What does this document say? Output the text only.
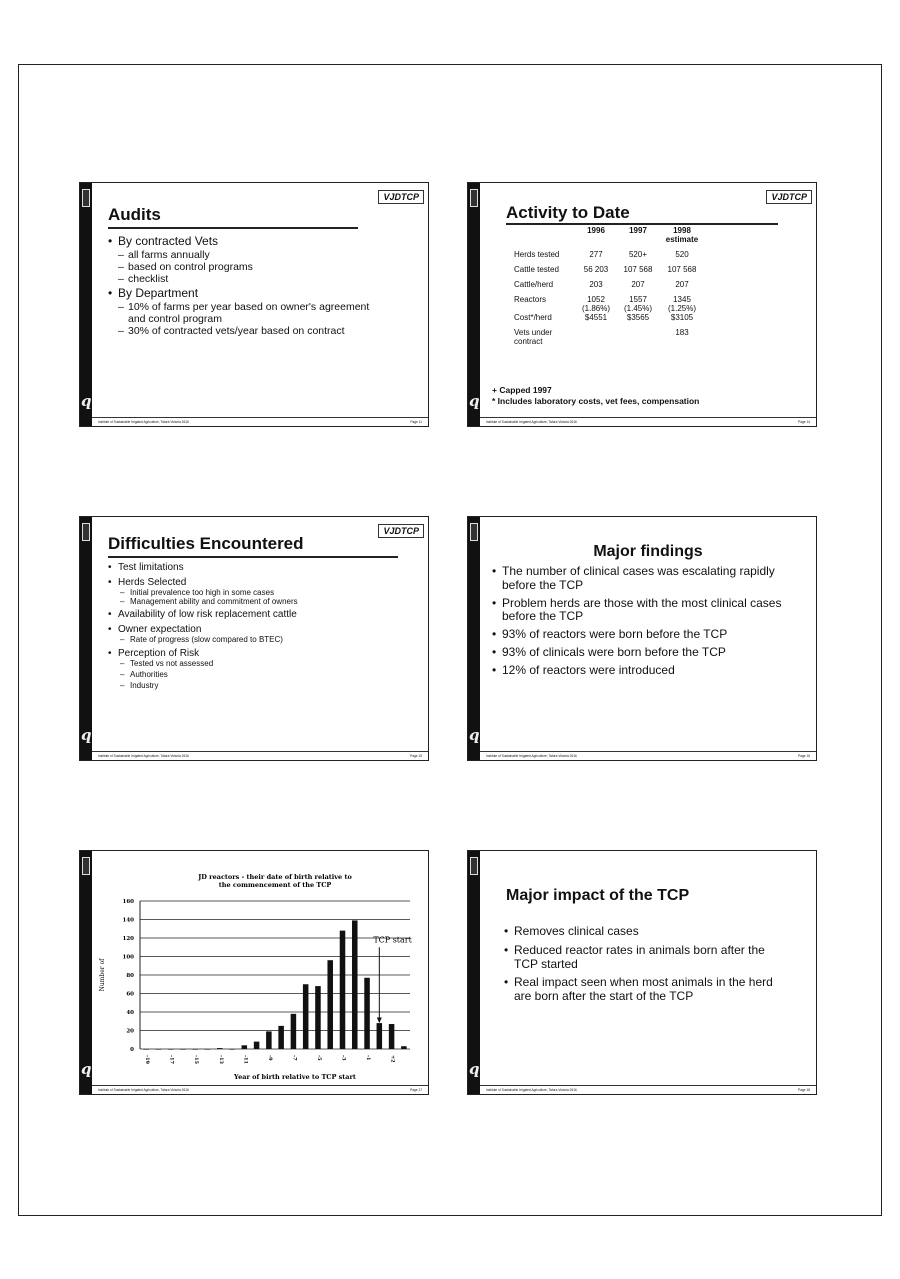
q
VJDTCP
Audits
• By contracted Vets
– all farms annually
– based on control programs
– checklist
• By Department
– 10% of farms per year based on owner's agreement and control program
– 30% of contracted vets/year based on contract
Institute of Sustainable Irrigated Agriculture, Tatura Victoria 2616	Page 11
q
VJDTCP
Activity to Date
	1996	1997	1998 estimate
Herds tested	277	520+	520
Cattle tested	56 203	107 568	107 568
Cattle/herd	203	207	207
Reactors	1052 (1.86%)	1557 (1.45%)	1345 (1.25%)
Cost*/herd	$4551	$3565	$3105
Vets under contract			183
+ Capped 1997
* Includes laboratory costs, vet fees, compensation
Institute of Sustainable Irrigated Agriculture, Tatura Victoria 2616	Page 14
q
VJDTCP
Difficulties Encountered
• Test limitations
• Herds Selected
– Initial prevalence too high in some cases
– Management ability and commitment of owners
• Availability of low risk replacement cattle
• Owner expectation
– Rate of progress (slow compared to BTEC)
• Perception of Risk
– Tested vs not assessed
– Authorities
– Industry
Institute of Sustainable Irrigated Agriculture, Tatura Victoria 2616	Page 15
q
Major findings
• The number of clinical cases was escalating rapidly before the TCP
• Problem herds are those with the most clinical cases before the TCP
• 93% of reactors were born before the TCP
• 93% of clinicals were born before the TCP
• 12% of reactors were introduced
Institute of Sustainable Irrigated Agriculture, Tatura Victoria 2616	Page 16
q
JD reactors - their date of birth relative to
the commencement of the TCP
0
20
40
60
80
100
120
140
160
Number of
-19	-17	-15	-13	-11	-9	-7	-5	-3	-1	+2
Year of birth relative to TCP start
TCP start
Institute of Sustainable Irrigated Agriculture, Tatura Victoria 2616	Page 17
q
Major impact of the TCP
• Removes clinical cases
• Reduced reactor rates in animals born after the TCP started
• Real impact seen when most animals in the herd are born after the start of the TCP
Institute of Sustainable Irrigated Agriculture, Tatura Victoria 2616	Page 18
